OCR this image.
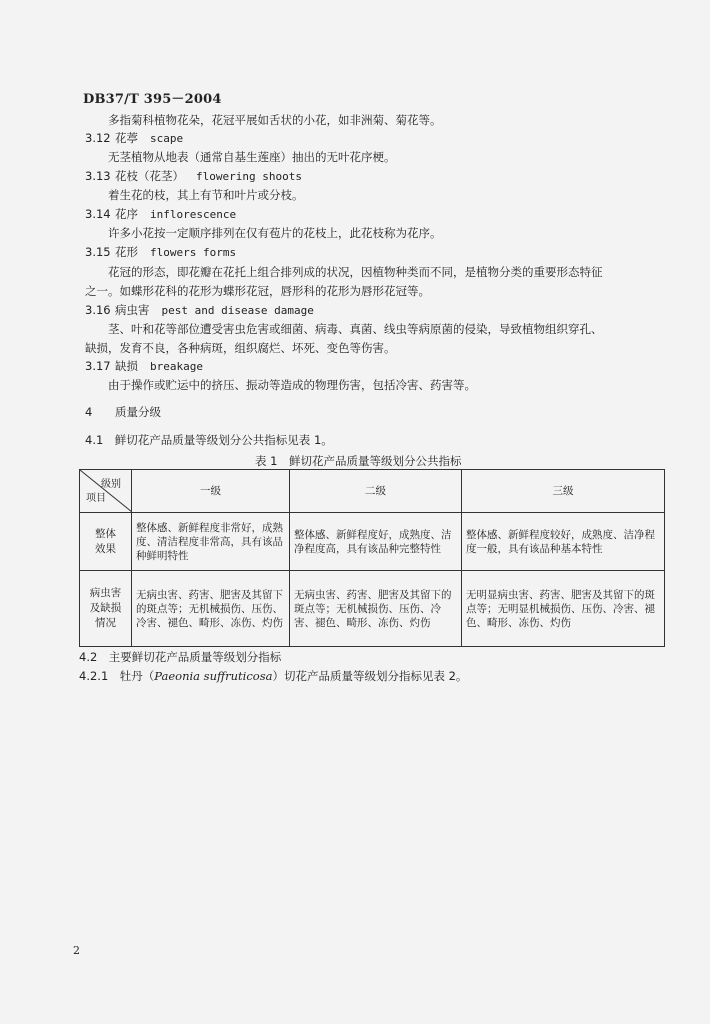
DB37/T 395－2004
多指菊科植物花朵，花冠平展如舌状的小花，如非洲菊、菊花等。
3.12 花葶 scape
无茎植物从地表（通常自基生莲座）抽出的无叶花序梗。
3.13 花枝（花茎） flowering shoots
着生花的枝，其上有节和叶片或分枝。
3.14 花序 inflorescence
许多小花按一定顺序排列在仅有苞片的花枝上，此花枝称为花序。
3.15 花形 flowers forms
花冠的形态，即花瓣在花托上组合排列成的状况，因植物种类而不同，是植物分类的重要形态特征
之一。如蝶形花科的花形为蝶形花冠，唇形科的花形为唇形花冠等。
3.16 病虫害 pest and disease damage
茎、叶和花等部位遭受害虫危害或细菌、病毒、真菌、线虫等病原菌的侵染，导致植物组织穿孔、
缺损，发育不良，各种病斑，组织腐烂、坏死、变色等伤害。
3.17 缺损 breakage
由于操作或贮运中的挤压、振动等造成的物理伤害，包括冷害、药害等。
4 质量分级
4.1　鲜切花产品质量等级划分公共指标见表 1。
表 1　鲜切花产品质量等级划分公共指标
级别
项目	一级	二级	三级
整体
效果	整体感、新鲜程度非常好，成熟度、清洁程度非常高，具有该品种鲜明特性	整体感、新鲜程度好，成熟度、洁净程度高，具有该品种完整特性	整体感、新鲜程度较好，成熟度、洁净程度一般，具有该品种基本特性
病虫害
及缺损
情况	无病虫害、药害、肥害及其留下的斑点等；无机械损伤、压伤、冷害、褪色、畸形、冻伤、灼伤	无病虫害、药害、肥害及其留下的斑点等；无机械损伤、压伤、冷害、褪色、畸形、冻伤、灼伤	无明显病虫害、药害、肥害及其留下的斑点等；无明显机械损伤、压伤、冷害、褪色、畸形、冻伤、灼伤
4.2　主要鲜切花产品质量等级划分指标
4.2.1　牡丹（Paeonia suffruticosa）切花产品质量等级划分指标见表 2。
2
